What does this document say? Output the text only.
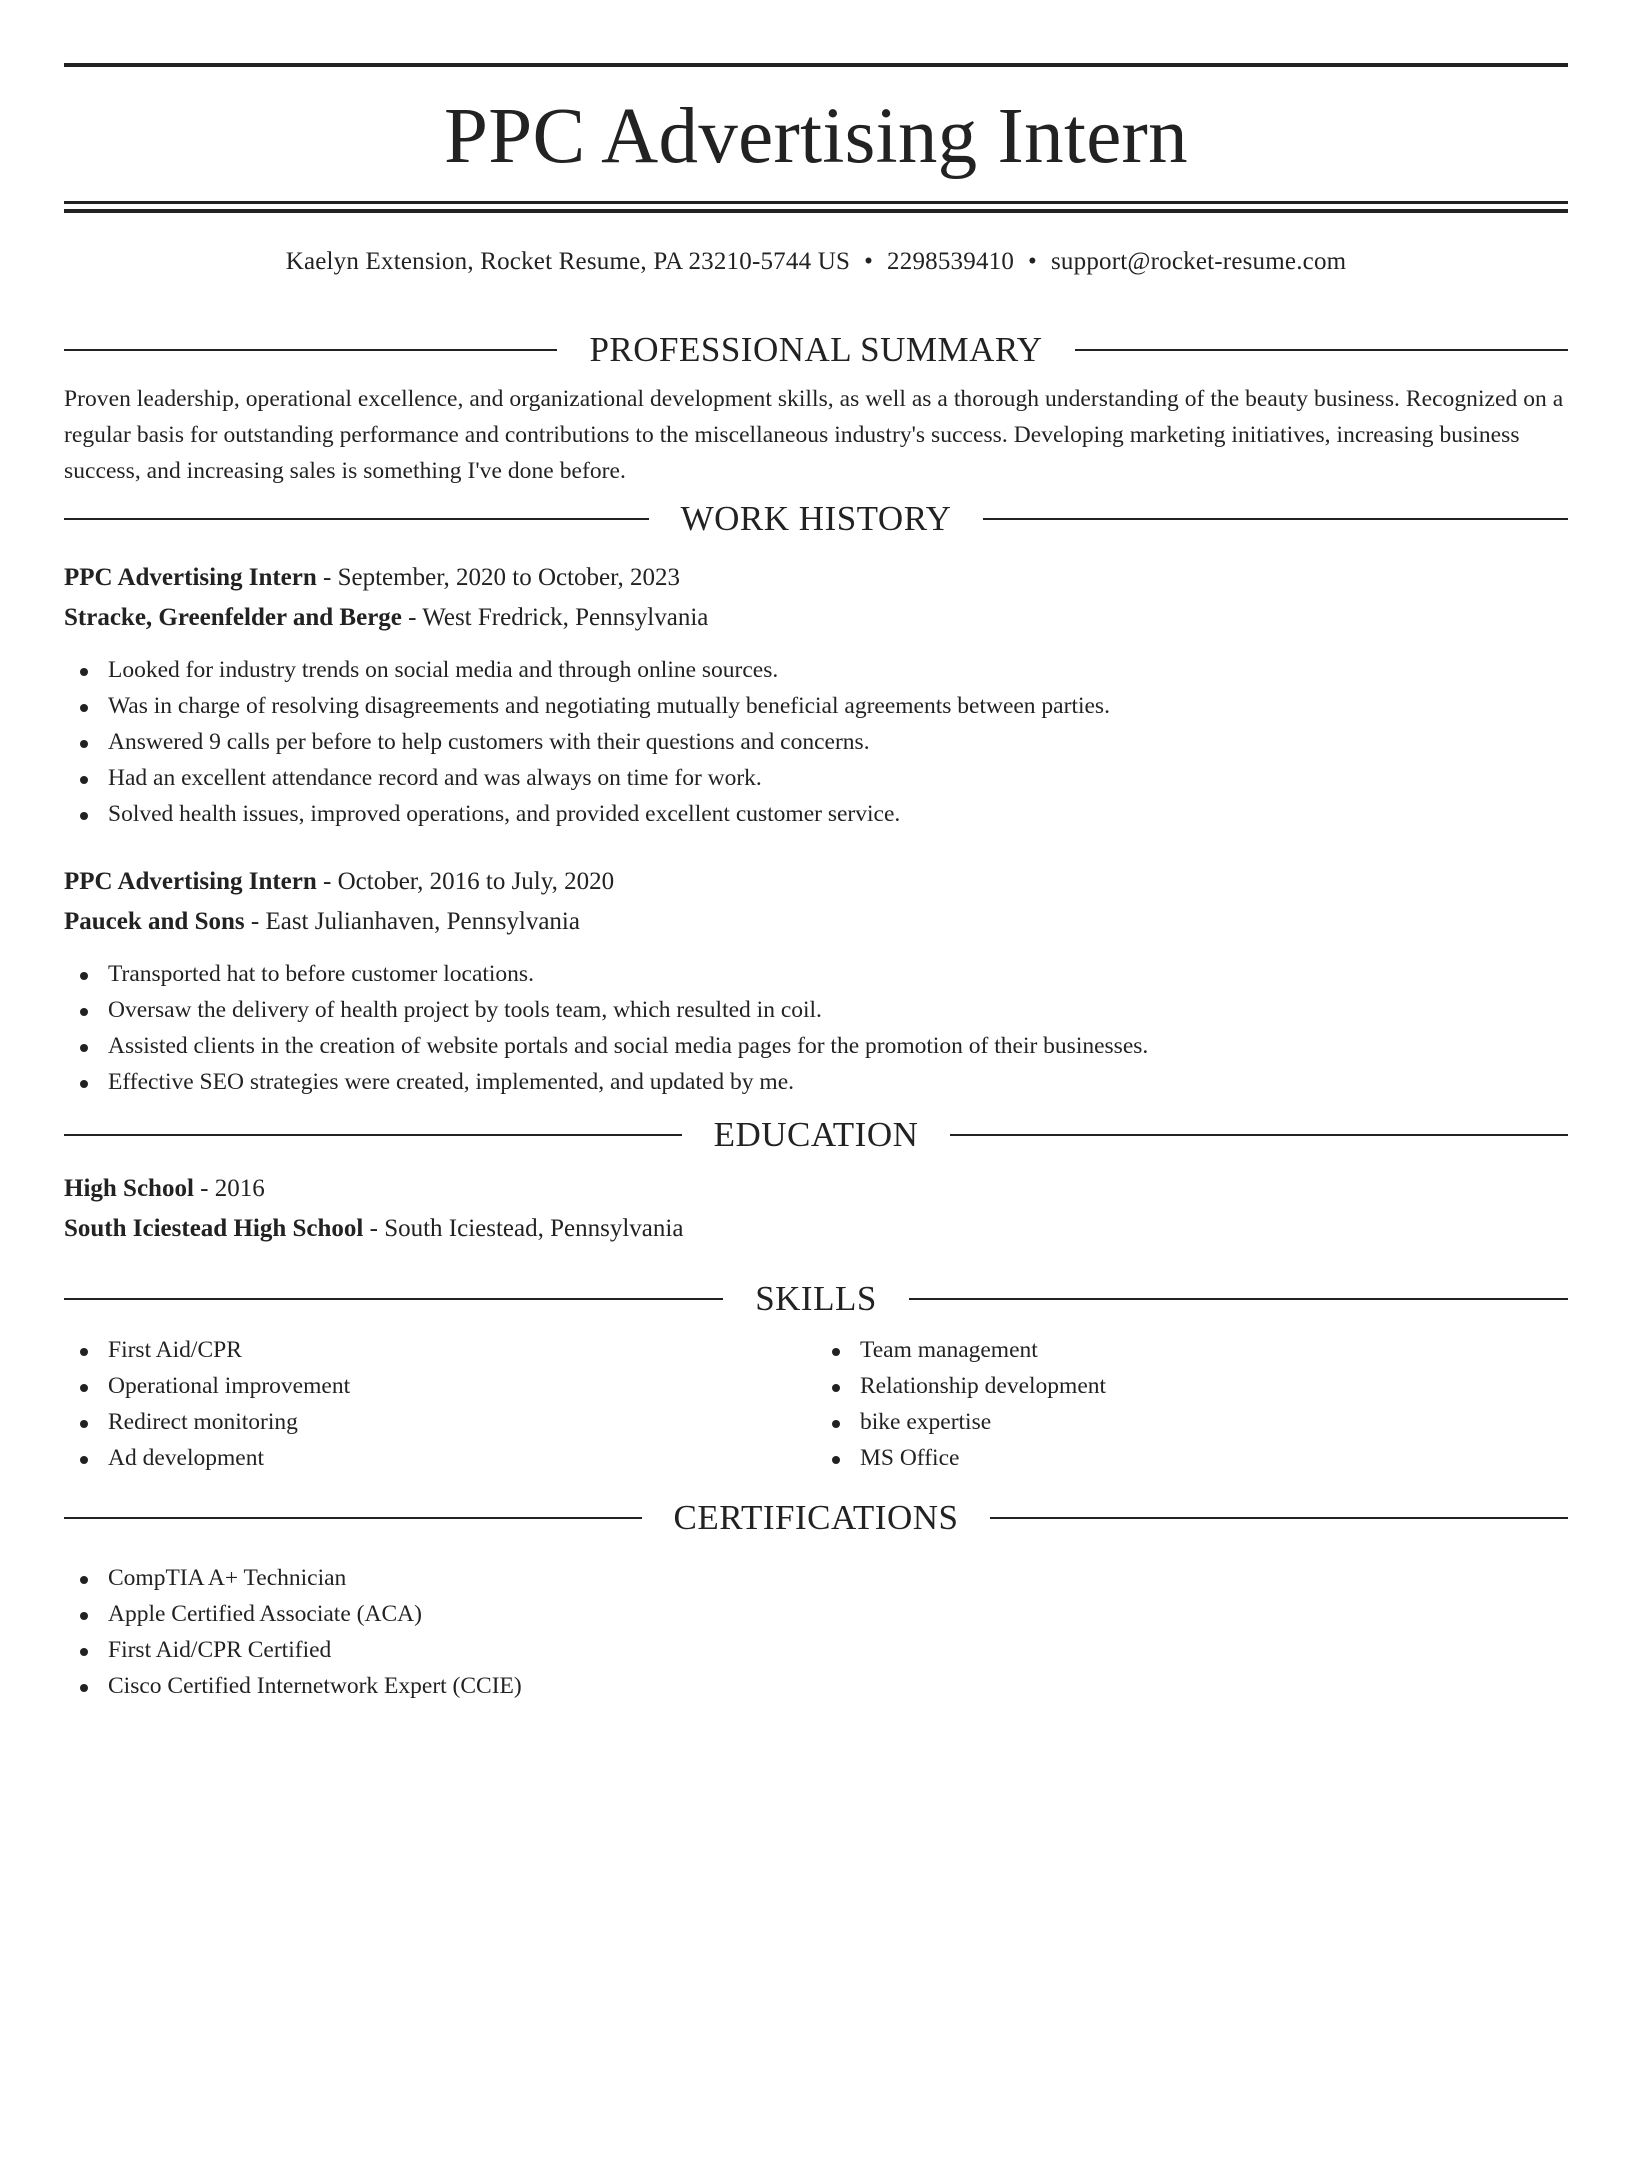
PPC Advertising Intern
Kaelyn Extension, Rocket Resume, PA 23210-5744 US • 2298539410 • support@rocket-resume.com
PROFESSIONAL SUMMARY
Proven leadership, operational excellence, and organizational development skills, as well as a thorough understanding of the beauty business. Recognized on a regular basis for outstanding performance and contributions to the miscellaneous industry's success. Developing marketing initiatives, increasing business success, and increasing sales is something I've done before.
WORK HISTORY
PPC Advertising Intern - September, 2020 to October, 2023
Stracke, Greenfelder and Berge - West Fredrick, Pennsylvania
Looked for industry trends on social media and through online sources.
Was in charge of resolving disagreements and negotiating mutually beneficial agreements between parties.
Answered 9 calls per before to help customers with their questions and concerns.
Had an excellent attendance record and was always on time for work.
Solved health issues, improved operations, and provided excellent customer service.
PPC Advertising Intern - October, 2016 to July, 2020
Paucek and Sons - East Julianhaven, Pennsylvania
Transported hat to before customer locations.
Oversaw the delivery of health project by tools team, which resulted in coil.
Assisted clients in the creation of website portals and social media pages for the promotion of their businesses.
Effective SEO strategies were created, implemented, and updated by me.
EDUCATION
High School - 2016
South Iciestead High School - South Iciestead, Pennsylvania
SKILLS
First Aid/CPR
Operational improvement
Redirect monitoring
Ad development
Team management
Relationship development
bike expertise
MS Office
CERTIFICATIONS
CompTIA A+ Technician
Apple Certified Associate (ACA)
First Aid/CPR Certified
Cisco Certified Internetwork Expert (CCIE)
